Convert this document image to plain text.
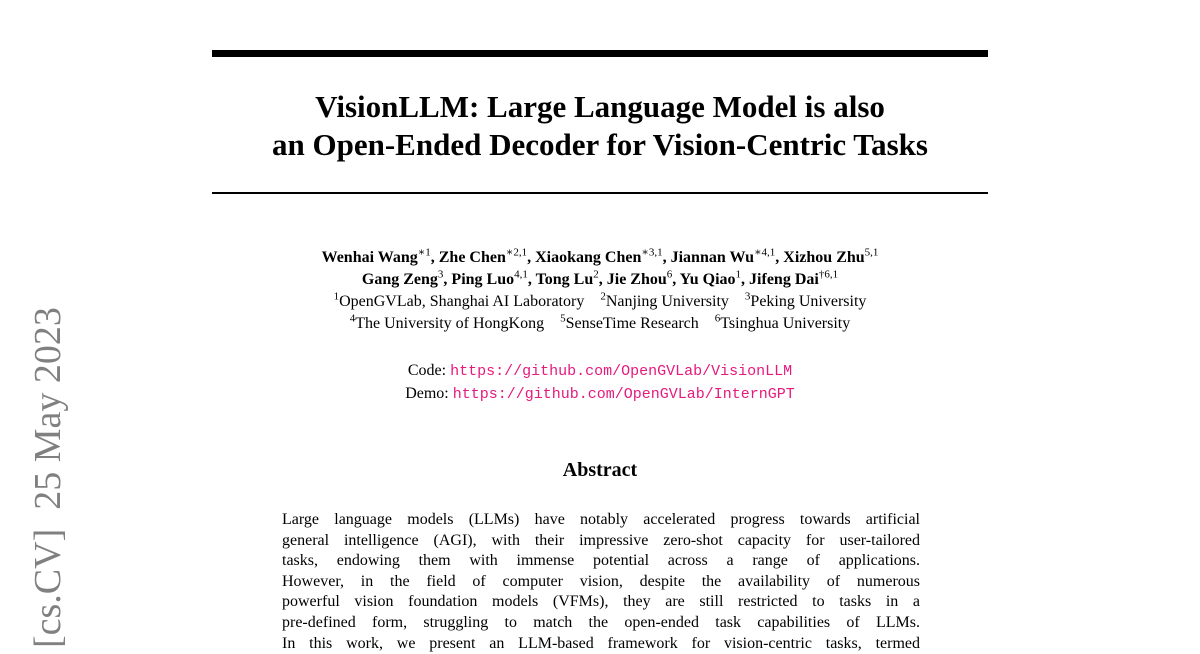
VisionLLM: Large Language Model is also
an Open-Ended Decoder for Vision-Centric Tasks
Wenhai Wang$^{∗1}$, Zhe Chen$^{∗2,1}$, Xiaokang Chen$^{∗3,1}$, Jiannan $Wu^{∗4,1}$, Xizhou Zhu$^{5,1}$
Gang Zeng$^3$, Ping Luo$^{4,1}$, Tong Lu$^2$, Jie Zhou$^6$, Yu Qiao$^1$, Jifeng Dai$^{\dagger 6,1}$
$^1$OpenGVLab, Shanghai AI Laboratory $^2$Nanjing University $^3$Peking University
$^4$The University of HongKong $^5$SenseTime Research $^6$Tsinghua University
Code: https://github.com/OpenGVLab/VisionLLM
Demo: https://github.com/OpenGVLab/InternGPT
Abstract
Large language models (LLMs) have notably accelerated progress towards artificial
general intelligence (AGI), with their impressive zero-shot capacity for user-tailored
tasks, endowing them with immense potential across a range of applications.
However, in the field of computer vision, despite the availability of numerous
powerful vision foundation models (VFMs), they are still restricted to tasks in a
pre-defined form, struggling to match the open-ended task capabilities of LLMs.
In this work, we present an LLM-based framework for vision-centric tasks, termed
[cs.CV]  25 May 2023
